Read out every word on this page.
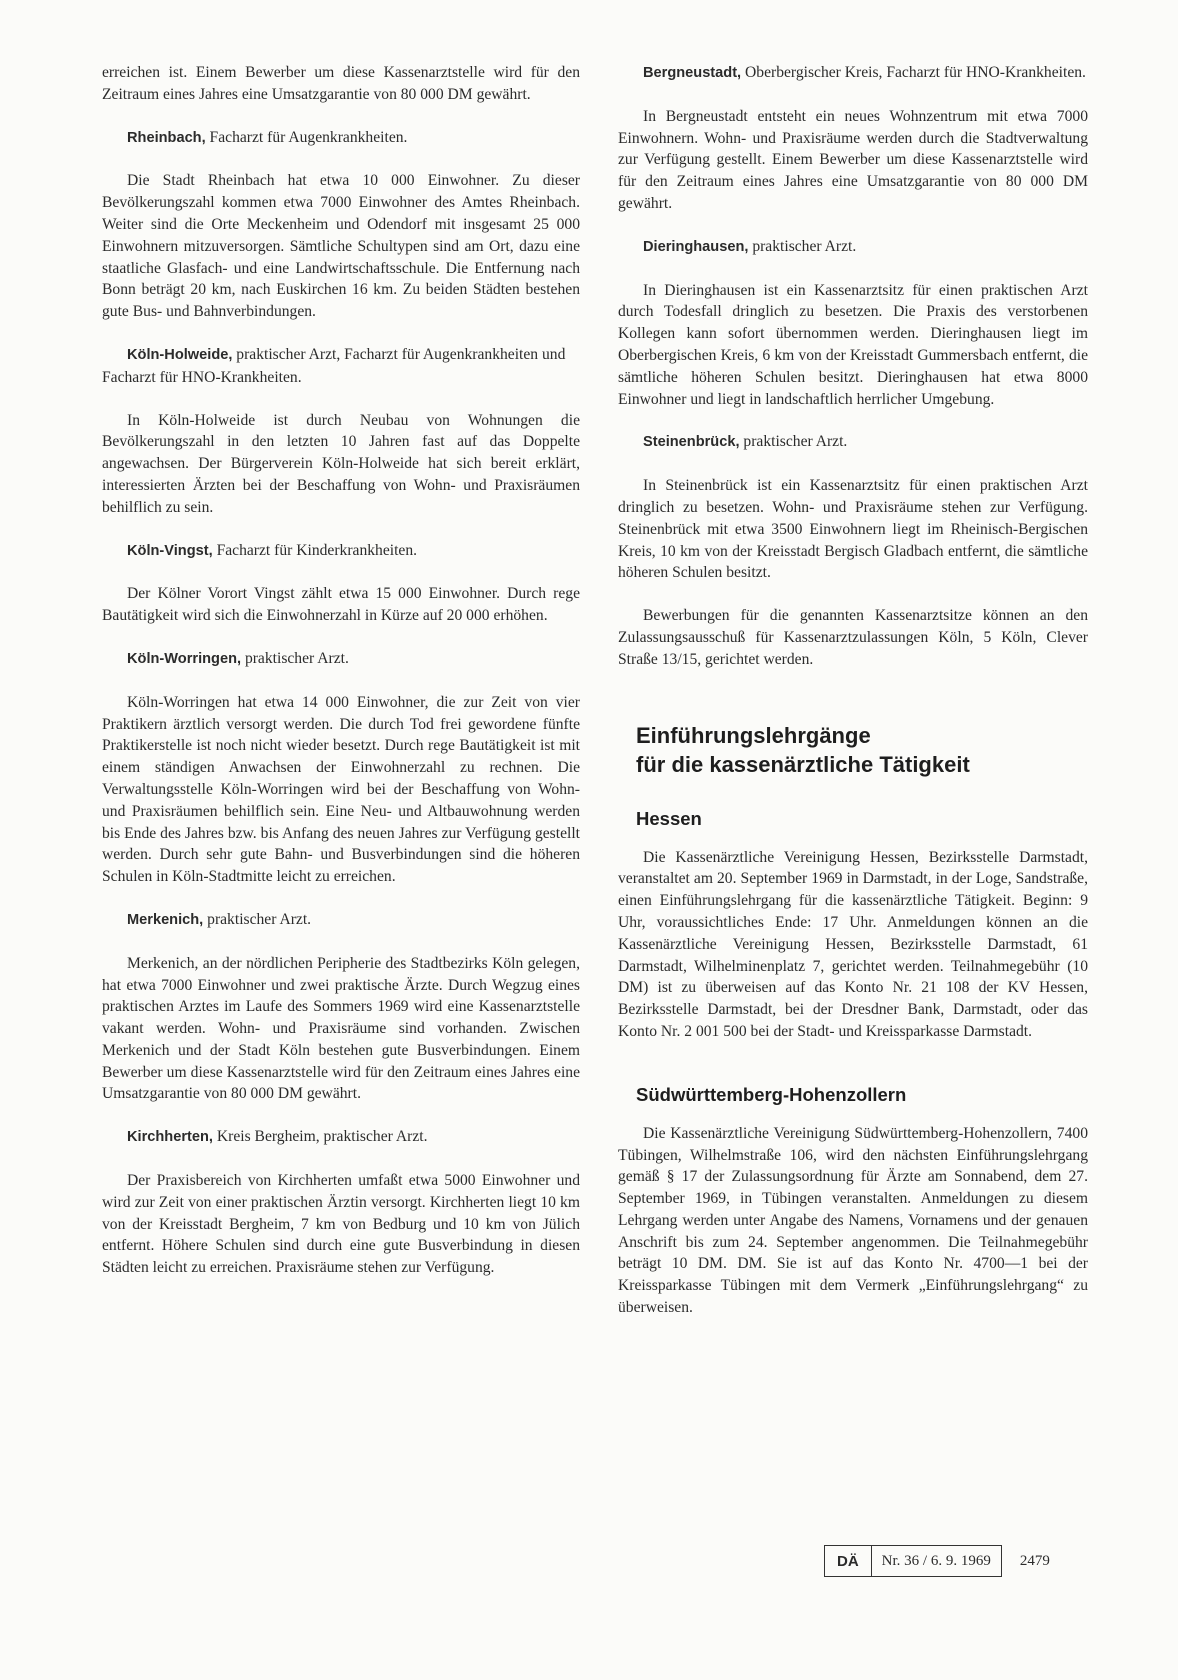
erreichen ist. Einem Bewerber um diese Kassenarztstelle wird für den Zeitraum eines Jahres eine Umsatzgarantie von 80 000 DM gewährt.

Rheinbach, Facharzt für Augenkrankheiten.

Die Stadt Rheinbach hat etwa 10 000 Einwohner. Zu dieser Bevölkerungszahl kommen etwa 7000 Einwohner des Amtes Rheinbach. Weiter sind die Orte Meckenheim und Odendorf mit insgesamt 25 000 Einwohnern mitzuversorgen. Sämtliche Schultypen sind am Ort, dazu eine staatliche Glasfach- und eine Landwirtschaftsschule. Die Entfernung nach Bonn beträgt 20 km, nach Euskirchen 16 km. Zu beiden Städten bestehen gute Bus- und Bahnverbindungen.

Köln-Holweide, praktischer Arzt, Facharzt für Augenkrankheiten und Facharzt für HNO-Krankheiten.

In Köln-Holweide ist durch Neubau von Wohnungen die Bevölkerungszahl in den letzten 10 Jahren fast auf das Doppelte angewachsen. Der Bürgerverein Köln-Holweide hat sich bereit erklärt, interessierten Ärzten bei der Beschaffung von Wohn- und Praxisräumen behilflich zu sein.

Köln-Vingst, Facharzt für Kinderkrankheiten.

Der Kölner Vorort Vingst zählt etwa 15 000 Einwohner. Durch rege Bautätigkeit wird sich die Einwohnerzahl in Kürze auf 20 000 erhöhen.

Köln-Worringen, praktischer Arzt.

Köln-Worringen hat etwa 14 000 Einwohner, die zur Zeit von vier Praktikern ärztlich versorgt werden. Die durch Tod frei gewordene fünfte Praktikerstelle ist noch nicht wieder besetzt. Durch rege Bautätigkeit ist mit einem ständigen Anwachsen der Einwohnerzahl zu rechnen. Die Verwaltungsstelle Köln-Worringen wird bei der Beschaffung von Wohn- und Praxisräumen behilflich sein. Eine Neu- und Altbauwohnung werden bis Ende des Jahres bzw. bis Anfang des neuen Jahres zur Verfügung gestellt werden. Durch sehr gute Bahn- und Busverbindungen sind die höheren Schulen in Köln-Stadtmitte leicht zu erreichen.

Merkenich, praktischer Arzt.

Merkenich, an der nördlichen Peripherie des Stadtbezirks Köln gelegen, hat etwa 7000 Einwohner und zwei praktische Ärzte. Durch Wegzug eines praktischen Arztes im Laufe des Sommers 1969 wird eine Kassenarztstelle vakant werden. Wohn- und Praxisräume sind vorhanden. Zwischen Merkenich und der Stadt Köln bestehen gute Busverbindungen. Einem Bewerber um diese Kassenarztstelle wird für den Zeitraum eines Jahres eine Umsatzgarantie von 80 000 DM gewährt.

Kirchherten, Kreis Bergheim, praktischer Arzt.

Der Praxisbereich von Kirchherten umfaßt etwa 5000 Einwohner und wird zur Zeit von einer praktischen Ärztin versorgt. Kirchherten liegt 10 km von der Kreisstadt Bergheim, 7 km von Bedburg und 10 km von Jülich entfernt. Höhere Schulen sind durch eine gute Busverbindung in diesen Städten leicht zu erreichen. Praxisräume stehen zur Verfügung.

Bergneustadt, Oberbergischer Kreis, Facharzt für HNO-Krankheiten.

In Bergneustadt entsteht ein neues Wohnzentrum mit etwa 7000 Einwohnern. Wohn- und Praxisräume werden durch die Stadtverwaltung zur Verfügung gestellt. Einem Bewerber um diese Kassenarztstelle wird für den Zeitraum eines Jahres eine Umsatzgarantie von 80 000 DM gewährt.

Dieringhausen, praktischer Arzt.

In Dieringhausen ist ein Kassenarztsitz für einen praktischen Arzt durch Todesfall dringlich zu besetzen. Die Praxis des verstorbenen Kollegen kann sofort übernommen werden. Dieringhausen liegt im Oberbergischen Kreis, 6 km von der Kreisstadt Gummersbach entfernt, die sämtliche höheren Schulen besitzt. Dieringhausen hat etwa 8000 Einwohner und liegt in landschaftlich herrlicher Umgebung.

Steinenbrück, praktischer Arzt.

In Steinenbrück ist ein Kassenarztsitz für einen praktischen Arzt dringlich zu besetzen. Wohn- und Praxisräume stehen zur Verfügung. Steinenbrück mit etwa 3500 Einwohnern liegt im Rheinisch-Bergischen Kreis, 10 km von der Kreisstadt Bergisch Gladbach entfernt, die sämtliche höheren Schulen besitzt.

Bewerbungen für die genannten Kassenarztsitze können an den Zulassungsausschuß für Kassenarztzulassungen Köln, 5 Köln, Clever Straße 13/15, gerichtet werden.

Einführungslehrgänge
für die kassenärztliche Tätigkeit

Hessen

Die Kassenärztliche Vereinigung Hessen, Bezirksstelle Darmstadt, veranstaltet am 20. September 1969 in Darmstadt, in der Loge, Sandstraße, einen Einführungslehrgang für die kassenärztliche Tätigkeit. Beginn: 9 Uhr, voraussichtliches Ende: 17 Uhr. Anmeldungen können an die Kassenärztliche Vereinigung Hessen, Bezirksstelle Darmstadt, 61 Darmstadt, Wilhelminenplatz 7, gerichtet werden. Teilnahmegebühr (10 DM) ist zu überweisen auf das Konto Nr. 21 108 der KV Hessen, Bezirksstelle Darmstadt, bei der Dresdner Bank, Darmstadt, oder das Konto Nr. 2 001 500 bei der Stadt- und Kreissparkasse Darmstadt.

Südwürttemberg-Hohenzollern

Die Kassenärztliche Vereinigung Südwürttemberg-Hohenzollern, 7400 Tübingen, Wilhelmstraße 106, wird den nächsten Einführungslehrgang gemäß § 17 der Zulassungsordnung für Ärzte am Sonnabend, dem 27. September 1969, in Tübingen veranstalten. Anmeldungen zu diesem Lehrgang werden unter Angabe des Namens, Vornamens und der genauen Anschrift bis zum 24. September angenommen. Die Teilnahmegebühr beträgt 10 DM. DM. Sie ist auf das Konto Nr. 4700—1 bei der Kreissparkasse Tübingen mit dem Vermerk „Einführungslehrgang“ zu überweisen.

DÄ	Nr. 36 / 6. 9. 1969	2479
